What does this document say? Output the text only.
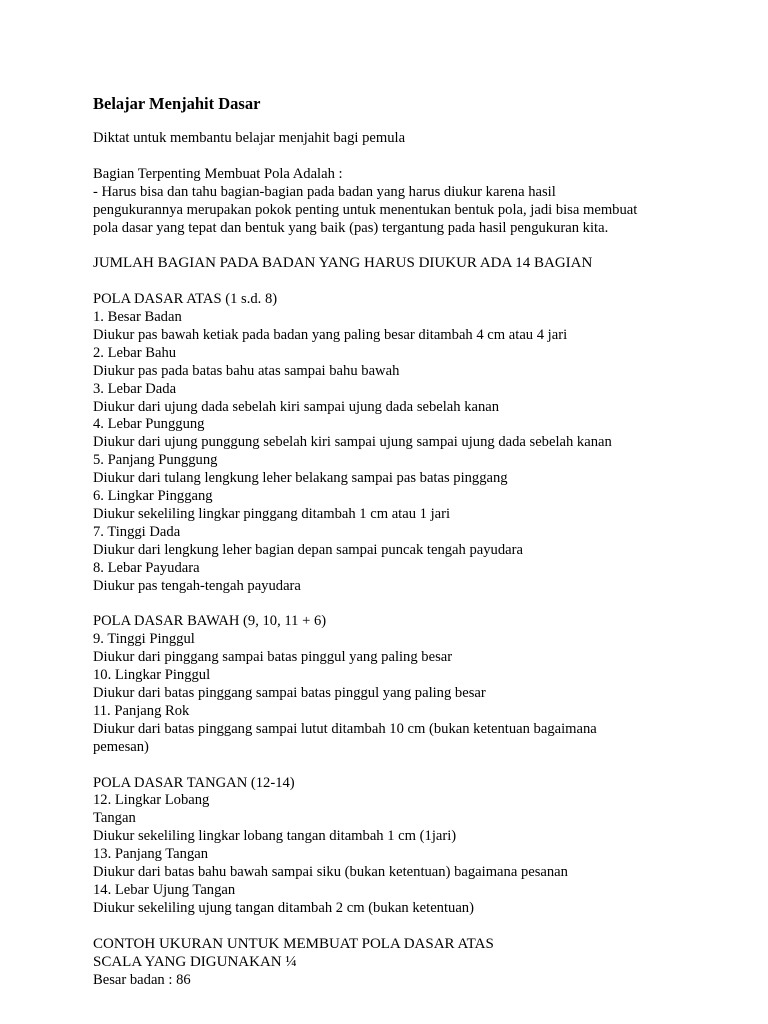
Belajar Menjahit Dasar
Diktat untuk membantu belajar menjahit bagi pemula
Bagian Terpenting Membuat Pola Adalah :
- Harus bisa dan tahu bagian-bagian pada badan yang harus diukur karena hasil
pengukurannya merupakan pokok penting untuk menentukan bentuk pola, jadi bisa membuat
pola dasar yang tepat dan bentuk yang baik (pas) tergantung pada hasil pengukuran kita.
JUMLAH BAGIAN PADA BADAN YANG HARUS DIUKUR ADA 14 BAGIAN
POLA DASAR ATAS (1 s.d. 8)
1. Besar Badan
Diukur pas bawah ketiak pada badan yang paling besar ditambah 4 cm atau 4 jari
2. Lebar Bahu
Diukur pas pada batas bahu atas sampai bahu bawah
3. Lebar Dada
Diukur dari ujung dada sebelah kiri sampai ujung dada sebelah kanan
4. Lebar Punggung
Diukur dari ujung punggung sebelah kiri sampai ujung sampai ujung dada sebelah kanan
5. Panjang Punggung
Diukur dari tulang lengkung leher belakang sampai pas batas pinggang
6. Lingkar Pinggang
Diukur sekeliling lingkar pinggang ditambah 1 cm atau 1 jari
7. Tinggi Dada
Diukur dari lengkung leher bagian depan sampai puncak tengah payudara
8. Lebar Payudara
Diukur pas tengah-tengah payudara
POLA DASAR BAWAH (9, 10, 11 + 6)
9. Tinggi Pinggul
Diukur dari pinggang sampai batas pinggul yang paling besar
10. Lingkar Pinggul
Diukur dari batas pinggang sampai batas pinggul yang paling besar
11. Panjang Rok
Diukur dari batas pinggang sampai lutut ditambah 10 cm (bukan ketentuan bagaimana
pemesan)
POLA DASAR TANGAN (12-14)
12. Lingkar Lobang
Tangan
Diukur sekeliling lingkar lobang tangan ditambah 1 cm (1jari)
13. Panjang Tangan
Diukur dari batas bahu bawah sampai siku (bukan ketentuan) bagaimana pesanan
14. Lebar Ujung Tangan
Diukur sekeliling ujung tangan ditambah 2 cm (bukan ketentuan)
CONTOH UKURAN UNTUK MEMBUAT POLA DASAR ATAS
SCALA YANG DIGUNAKAN ¼
Besar badan : 86
